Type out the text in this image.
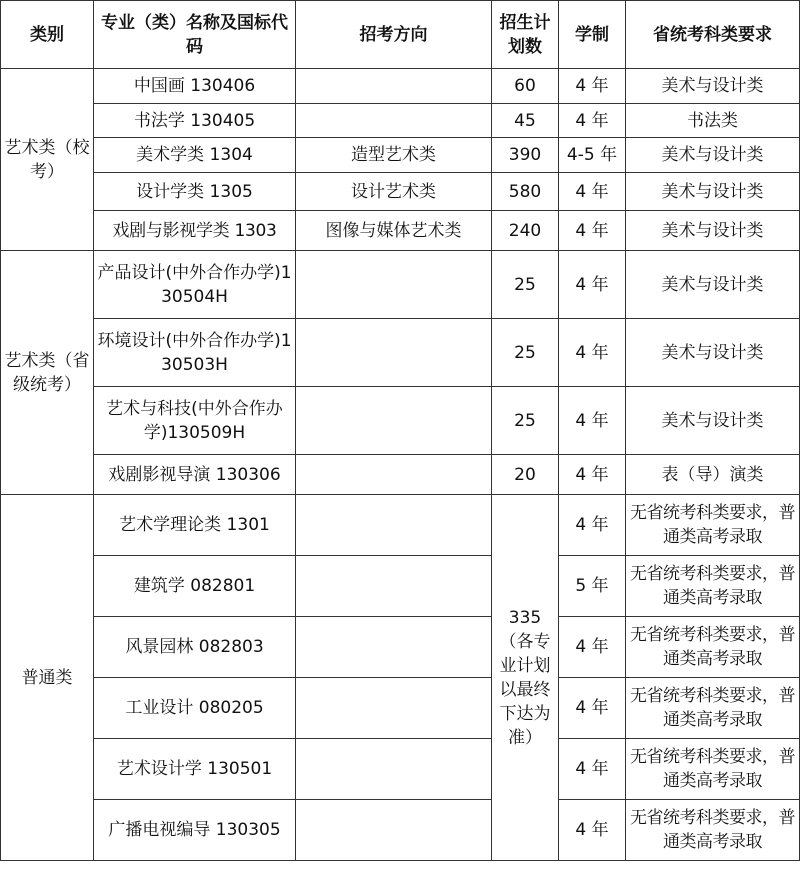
类别	专业（类）名称及国标代码	招考方向	招生计划数	学制	省统考科类要求
艺术类（校考）	中国画 130406		60	4 年	美术与设计类
	书法学 130405		45	4 年	书法类
	美术学类 1304	造型艺术类	390	4-5 年	美术与设计类
	设计学类 1305	设计艺术类	580	4 年	美术与设计类
	戏剧与影视学类 1303	图像与媒体艺术类	240	4 年	美术与设计类
艺术类（省级统考）	产品设计(中外合作办学)130504H		25	4 年	美术与设计类
	环境设计(中外合作办学)130503H		25	4 年	美术与设计类
	艺术与科技(中外合作办学)130509H		25	4 年	美术与设计类
	戏剧影视导演 130306		20	4 年	表（导）演类
普通类	艺术学理论类 1301		335（各专业计划以最终下达为准）	4 年	无省统考科类要求，普通类高考录取
	建筑学 082801			5 年	无省统考科类要求，普通类高考录取
	风景园林 082803			4 年	无省统考科类要求，普通类高考录取
	工业设计 080205			4 年	无省统考科类要求，普通类高考录取
	艺术设计学 130501			4 年	无省统考科类要求，普通类高考录取
	广播电视编导 130305			4 年	无省统考科类要求，普通类高考录取
